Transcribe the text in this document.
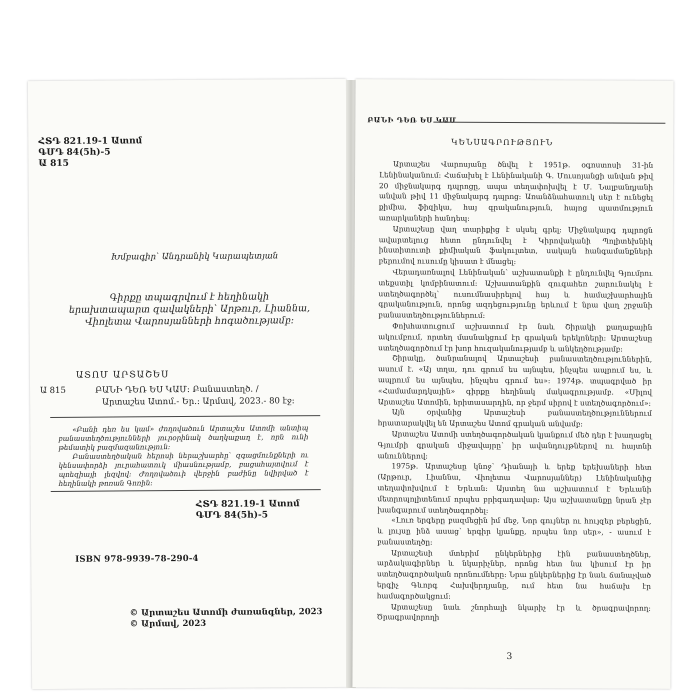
ՀՏԴ 821.19-1 Ատոմ
ԳՄԴ 84(5հ)-5
Ա 815
Խմբագիր՝ Անդրանիկ Կարապետյան
Գիրքը տպագրվում է հեղինակի
երախտապարտ զավակների՝ Արթուր, Լիաննա,
Վիոլետա Վարոսյանների հոգածությամբ:
ԱՏՈՄ ԱՐՏԱՇԵՍ
Ա 815	ԲԱՆԻ ԴԵՌ ԵՍ ԿԱՄ: Բանաստեղծ. /
Արտաշես Ատոմ.- Եր.: Արմավ, 2023.- 80 էջ:

«Բանի դեռ ես կամ» ժողովածուն Արտաշես Ատոմի անտիպ բանաստեղծությունների յուրօրինակ ծաղկաքաղ է, որն ունի թեմատիկ բազմազանություն:

Բանաստեղծական հերոսի ներաշխարհը՝ զգացմունքների ու կենսափորձի յուրահատուկ միասնությամբ, բացահայտվում է պոեզիայի լեզվով: Ժողովածուի վերջին բաժինը նվիրված է հեղինակի թոռան Գոռին:

ՀՏԴ 821.19-1 Ատոմ
ԳՄԴ 84(5հ)-5
ISBN 978-9939-78-290-4
© Արտաշես Ատոմի ժառանգներ, 2023
© Արմավ, 2023
ԲԱՆԻ ԴԵՌ ԵՍ ԿԱՄ
ԿԵՆՍԱԳՐՈՒԹՅՈՒՆ

Արտաշես Վարոսյանը ծնվել է 1951թ. օգոստոսի 31-ին Լենինականում: Հաճախել է Լենինականի Գ. Մուսոյանցի անվան թիվ 20 միջնակարգ դպրոցը, ապա տեղափոխվել է Մ. Նալբանդյանի անվան թիվ 11 միջնակարգ դպրոց: Առանձնահատուկ սեր է ունեցել քիմիա, ֆիզիկա, հայ գրականություն, հայոց պատմություն առարկաների հանդեպ:

Արտաշեսը վաղ տարիքից է սկսել գրել: Միջնակարգ դպրոցն ավարտելուց հետո ընդունվել է Կիրովականի Պոլիտեխնիկ ինստիտուտի քիմիական ֆակուլտետ, սակայն հանգամանքների բերումով ուսումը կիսատ է մնացել:

Վերադառնալով Լենինական՝ աշխատանքի է ընդունվել Գյումրու տեքստիլ կոմբինատում: Աշխատանքին զուգահեռ շարունակել է ստեղծագործել՝ ուսումնասիրելով հայ և համաշխարհային գրականություն, որոնց ազդեցությունը երևում է նրա վաղ շրջանի բանաստեղծություններում:

Փոխհատուցում աշխատում էր նաև Շիրակի քաղաքային ակումբում, որտեղ մասնակցում էր գրական երեկոների: Արտաշեսը ստեղծագործում էր խոր հուզականությամբ և անկեղծությամբ:

Շիրակը, ծանրանալով Արտաշեսի բանաստեղծություններին, ասում է. «Այ տղա, դու գրում ես այնպես, ինչպես ապրում ես, և ապրում ես այնպես, ինչպես գրում ես»: 1974թ. տպագրված իր «Համամարդկային» գիրքը հեղինակ մակագրությամբ. «Միլով Արտաշես Ատոմին, երիտասարդին, որ ջերմ սիրով է ստեղծագործում»:

Այն օրվանից Արտաշեսի բանաստեղծություններում հրատարակվել են Արտաշես Ատոմ գրական անվամբ:

Արտաշես Ատոմի ստեղծագործական կյանքում մեծ դեր է խաղացել Գյումրի գրական միջավայրը՝ իր ավանդույթներով ու հայտնի անուններով:

1975թ. Արտաշեսը կնոջ՝ Դիանայի և երեք երեխաների հետ (Արթուր, Լիաննա, Վիոլետա Վարոսյաններ) Լենինականից տեղափոխվում է Երևան: Այստեղ նա աշխատում է Երևանի մետրոպոլիտենում որպես բրիգադավար: Այս աշխատանքը նրան չէր խանգարում ստեղծագործել:

«Լուռ երգերը բազմեցին իմ մեջ, Նոր գույներ ու հույզեր բերեցին, և լույսը ինձ ասաց՝ երգիր կյանքը, որպես նոր սեր», - ասում է բանաստեղծը:

Արտաշեսի մտերիմ ընկերներից էին բանաստեղծներ, արձակագիրներ և նկարիչներ, որոնց հետ նա կիսում էր իր ստեղծագործական որոնումները: Նրա ընկերներից էր նաև ճանաչված երգիչ Գևորգ Հախվերդյանը, ում հետ նա հաճախ էր համագործակցում:

Արտաշեսը նաև շնորհալի նկարիչ էր և ծրագրավորող: Ծրագրավորողի

3
